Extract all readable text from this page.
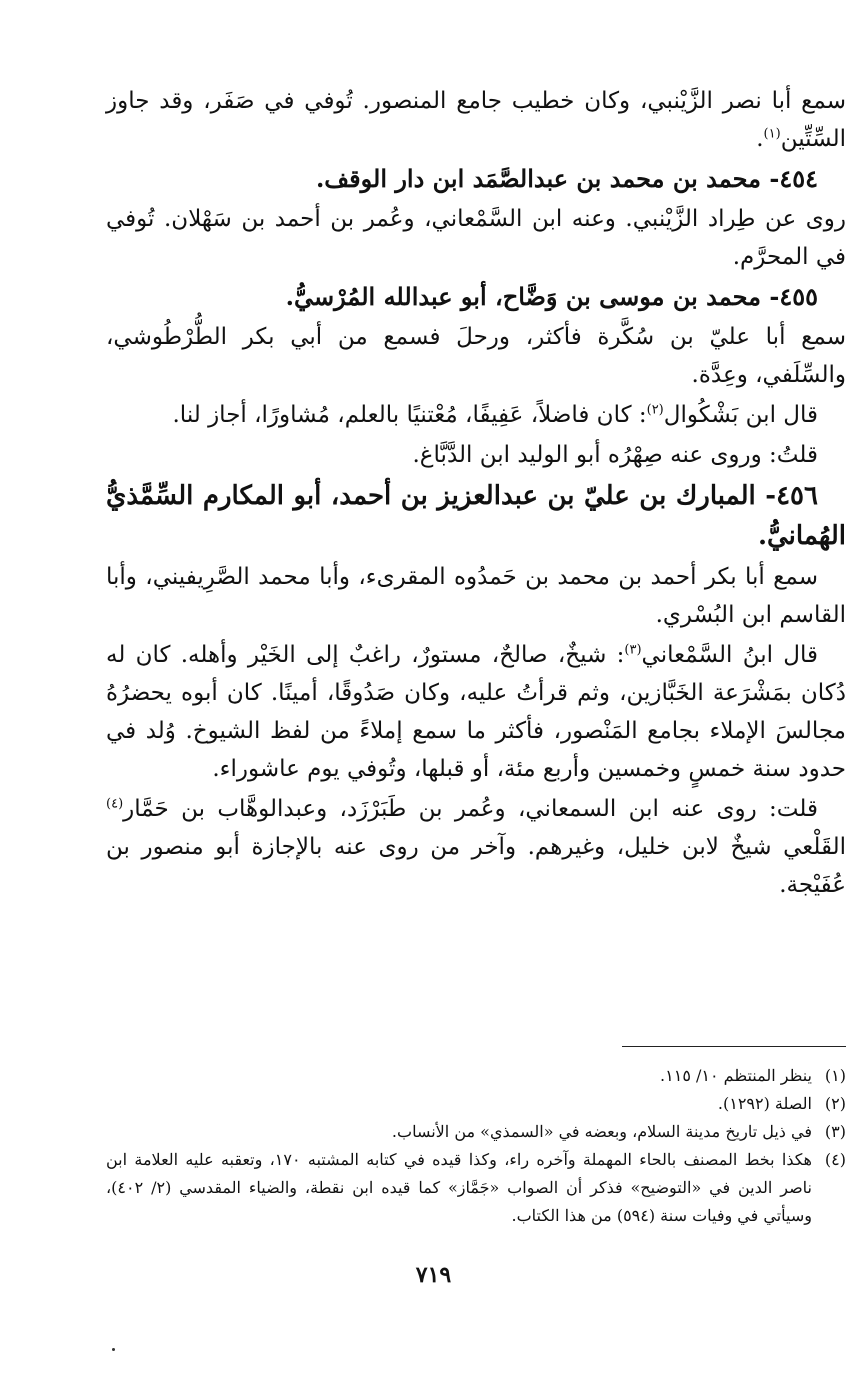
سمع أبا نصر الزَّيْنبي، وكان خطيب جامع المنصور. تُوفي في صَفَر، وقد جاوز السِّتِّين$^{(١)}$.

٤٥٤- محمد بن محمد بن عبدالصَّمَد ابن دار الوقف.

روى عن طِراد الزَّيْنبي. وعنه ابن السَّمْعاني، وعُمر بن أحمد بن سَهْلان. تُوفي في المحرَّم.

٤٥٥- محمد بن موسى بن وَضَّاح، أبو عبدالله المُرْسيُّ.

سمع أبا عليّ بن سُكَّرة فأكثر، ورحلَ فسمع من أبي بكر الطُّرْطُوشي، والسِّلَفي، وعِدَّة.

قال ابن بَشْكُوال$^{(٢)}$: كان فاضلاً، عَفِيفًا، مُعْتنيًا بالعلم، مُشاورًا، أجاز لنا.

قلتُ: وروى عنه صِهْرُه أبو الوليد ابن الدَّبَّاغ.

٤٥٦- المبارك بن عليّ بن عبدالعزيز بن أحمد، أبو المكارم السِّمَّذيُّ الهُمانيُّ.

سمع أبا بكر أحمد بن محمد بن حَمدُوه المقرىء، وأبا محمد الصَّرِيفيني، وأبا القاسم ابن البُسْري.

قال ابنُ السَّمْعاني$^{(٣)}$: شيخٌ، صالحٌ، مستورٌ، راغبٌ إلى الخَيْر وأهله. كان له دُكان بمَشْرَعة الخَبَّازين، وثم قرأتُ عليه، وكان صَدُوقًا، أمينًا. كان أبوه يحضرُهُ مجالسَ الإملاء بجامع المَنْصور، فأكثر ما سمع إملاءً من لفظ الشيوخ. وُلد في حدود سنة خمسٍ وخمسين وأربع مئة، أو قبلها، وتُوفي يوم عاشوراء.

قلت: روى عنه ابن السمعاني، وعُمر بن طَبَرْزَد، وعبدالوهَّاب بن حَمَّار$^{(٤)}$ القَلْعي شيخٌ لابن خليل، وغيرهم. وآخر من روى عنه بالإجازة أبو منصور بن عُفَيْجة.

(١)
ينظر المنتظم ١٠/ ١١٥.
(٢)
الصلة (١٢٩٢).
(٣)
في ذيل تاريخ مدينة السلام، وبعضه في «السمذي» من الأنساب.
(٤)
هكذا بخط المصنف بالحاء المهملة وآخره راء، وكذا قيده في كتابه المشتبه ١٧٠، وتعقبه عليه العلامة ابن ناصر الدين في «التوضيح» فذكر أن الصواب «جَمَّاز» كما قيده ابن نقطة، والضياء المقدسي (٢/ ٤٠٢)، وسيأتي في وفيات سنة (٥٩٤) من هذا الكتاب.
٧١٩
